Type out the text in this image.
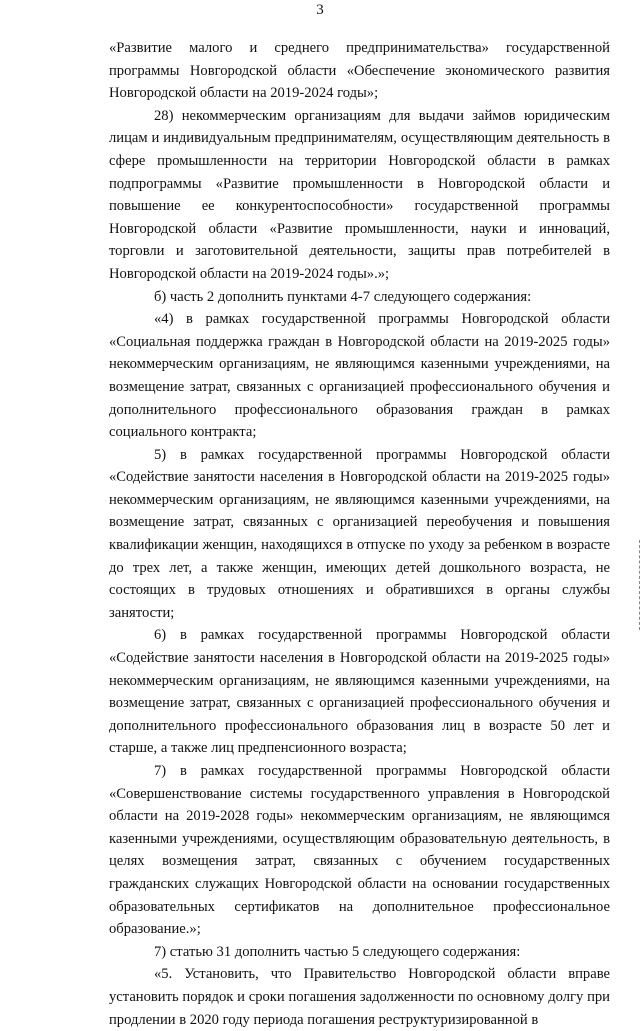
3

«Развитие малого и среднего предпринимательства» государственной программы Новгородской области «Обеспечение экономического развития Новгородской области на 2019-2024 годы»;

28) некоммерческим организациям для выдачи займов юридическим лицам и индивидуальным предпринимателям, осуществляющим деятельность в сфере промышленности на территории Новгородской области в рамках подпрограммы «Развитие промышленности в Новгородской области и повышение ее конкурентоспособности» государственной программы Новгородской области «Развитие промышленности, науки и инноваций, торговли и заготовительной деятельности, защиты прав потребителей в Новгородской области на 2019-2024 годы».»;

б) часть 2 дополнить пунктами 4-7 следующего содержания:

«4) в рамках государственной программы Новгородской области «Социальная поддержка граждан в Новгородской области на 2019-2025 годы» некоммерческим организациям, не являющимся казенными учреждениями, на возмещение затрат, связанных с организацией профессионального обучения и дополнительного профессионального образования граждан в рамках социального контракта;

5) в рамках государственной программы Новгородской области «Содействие занятости населения в Новгородской области на 2019-2025 годы» некоммерческим организациям, не являющимся казенными учреждениями, на возмещение затрат, связанных с организацией переобучения и повышения квалификации женщин, находящихся в отпуске по уходу за ребенком в возрасте до трех лет, а также женщин, имеющих детей дошкольного возраста, не состоящих в трудовых отношениях и обратившихся в органы службы занятости;

6) в рамках государственной программы Новгородской области «Содействие занятости населения в Новгородской области на 2019-2025 годы» некоммерческим организациям, не являющимся казенными учреждениями, на возмещение затрат, связанных с организацией профессионального обучения и дополнительного профессионального образования лиц в возрасте 50 лет и старше, а также лиц предпенсионного возраста;

7) в рамках государственной программы Новгородской области «Совершенствование системы государственного управления в Новгородской области на 2019-2028 годы» некоммерческим организациям, не являющимся казенными учреждениями, осуществляющим образовательную деятельность, в целях возмещения затрат, связанных с обучением государственных гражданских служащих Новгородской области на основании государственных образовательных сертификатов на дополнительное профессиональное образование.»;

7) статью 31 дополнить частью 5 следующего содержания:

«5. Установить, что Правительство Новгородской области вправе установить порядок и сроки погашения задолженности по основному долгу при продлении в 2020 году периода погашения реструктуризированной в
